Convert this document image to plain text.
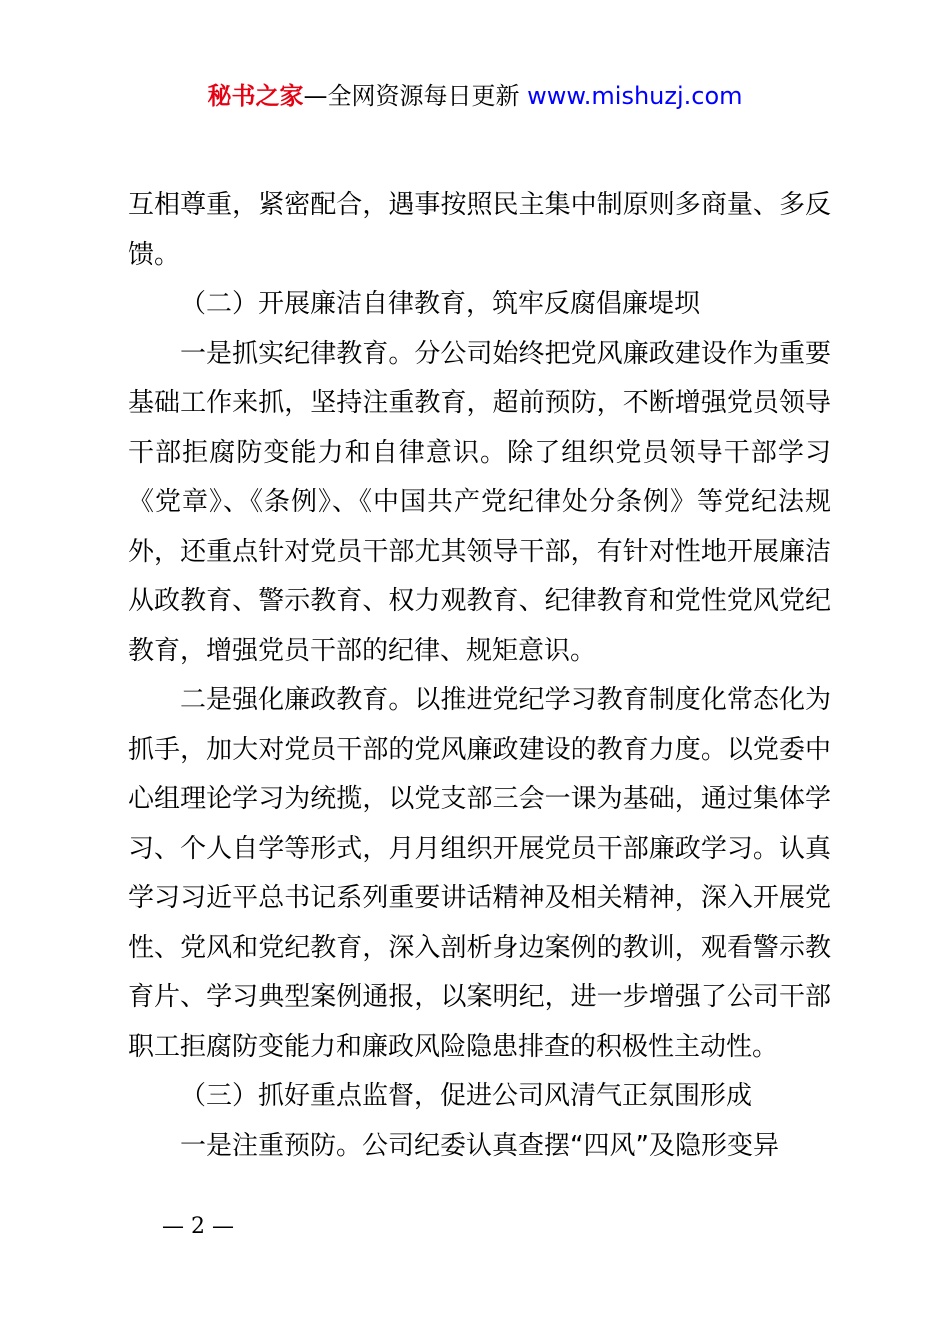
秘书之家—全网资源每日更新 www.mishuzj.com

互相尊重，紧密配合，遇事按照民主集中制原则多商量、多反馈。

（二）开展廉洁自律教育，筑牢反腐倡廉堤坝

一是抓实纪律教育。分公司始终把党风廉政建设作为重要基础工作来抓，坚持注重教育，超前预防，不断增强党员领导干部拒腐防变能力和自律意识。除了组织党员领导干部学习《党章》、《条例》、《中国共产党纪律处分条例》等党纪法规外，还重点针对党员干部尤其领导干部，有针对性地开展廉洁从政教育、警示教育、权力观教育、纪律教育和党性党风党纪教育，增强党员干部的纪律、规矩意识。

二是强化廉政教育。以推进党纪学习教育制度化常态化为抓手，加大对党员干部的党风廉政建设的教育力度。以党委中心组理论学习为统揽，以党支部三会一课为基础，通过集体学习、个人自学等形式，月月组织开展党员干部廉政学习。认真学习习近平总书记系列重要讲话精神及相关精神，深入开展党性、党风和党纪教育，深入剖析身边案例的教训，观看警示教育片、学习典型案例通报，以案明纪，进一步增强了公司干部职工拒腐防变能力和廉政风险隐患排查的积极性主动性。

（三）抓好重点监督，促进公司风清气正氛围形成

一是注重预防。公司纪委认真查摆“四风”及隐形变异

— 2 —
